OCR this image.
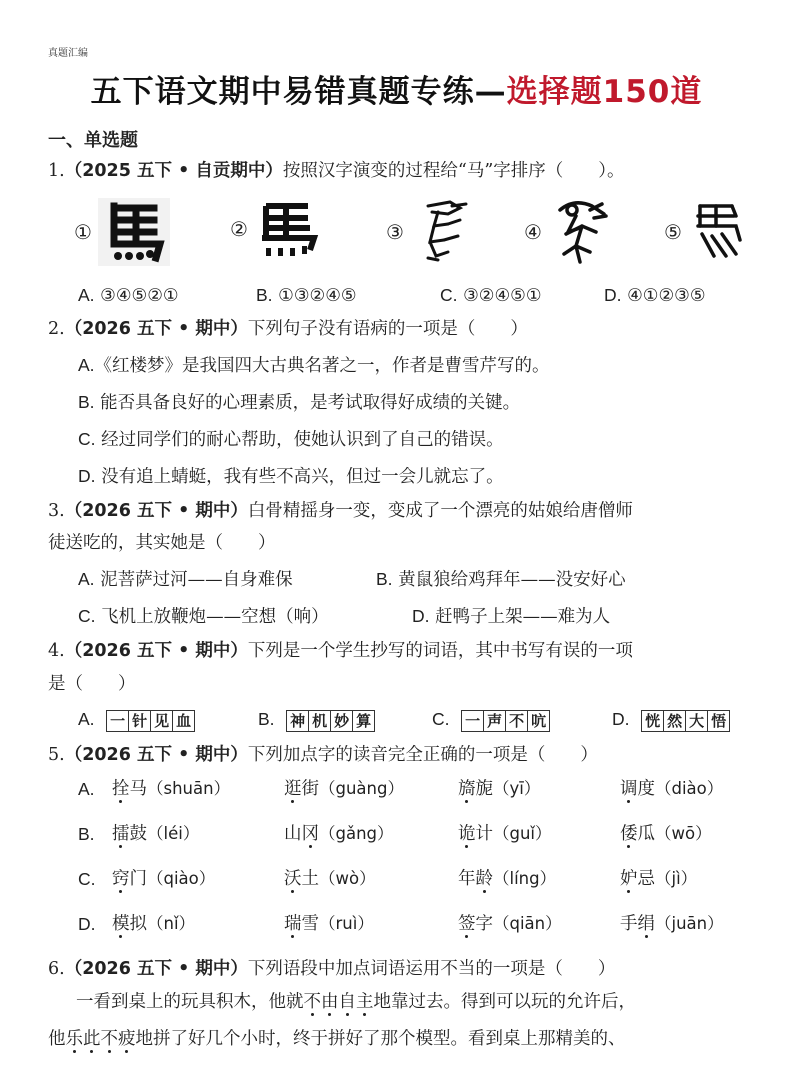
真题汇编
五下语文期中易错真题专练—选择题150道
一、单选题
1.（2025 五下 • 自贡期中）按照汉字演变的过程给“马”字排序（　　）。
①	②	③	④	⑤
A. ③④⑤②①	B. ①③②④⑤	C. ③②④⑤①	D. ④①②③⑤
2.（2026 五下 • 期中）下列句子没有语病的一项是（　　）
A.《红楼梦》是我国四大古典名著之一，作者是曹雪芹写的。
B. 能否具备良好的心理素质，是考试取得好成绩的关键。
C. 经过同学们的耐心帮助，使她认识到了自己的错误。
D. 没有追上蜻蜓，我有些不高兴，但过一会儿就忘了。
3.（2026 五下 • 期中）白骨精摇身一变，变成了一个漂亮的姑娘给唐僧师
徒送吃的，其实她是（　　）
A. 泥菩萨过河——自身难保	B. 黄鼠狼给鸡拜年——没安好心
C. 飞机上放鞭炮——空想（响）	D. 赶鸭子上架——难为人
4.（2026 五下 • 期中）下列是一个学生抄写的词语，其中书写有误的一项
是（　　）
A. 一 针 见 血	B. 神 机 妙 算	C. 一 声 不 吭	D. 恍 然 大 悟
5.（2026 五下 • 期中）下列加点字的读音完全正确的一项是（　　）
A. 拴马（shuān）	逛街（guàng）	旖旎（yī）	调度（diào）
B. 擂鼓（léi）	山冈（gǎng）	诡计（guǐ）	倭瓜（wō）
C. 窍门（qiào）	沃土（wò）	年龄（líng）	妒忌（jì）
D. 模拟（nǐ）	瑞雪（ruì）	签字（qiān）	手绢（juān）
6.（2026 五下 • 期中）下列语段中加点词语运用不当的一项是（　　）
一看到桌上的玩具积木，他就不由自主地靠过去。得到可以玩的允许后，
他乐此不疲地拼了好几个小时，终于拼好了那个模型。看到桌上那精美的、
